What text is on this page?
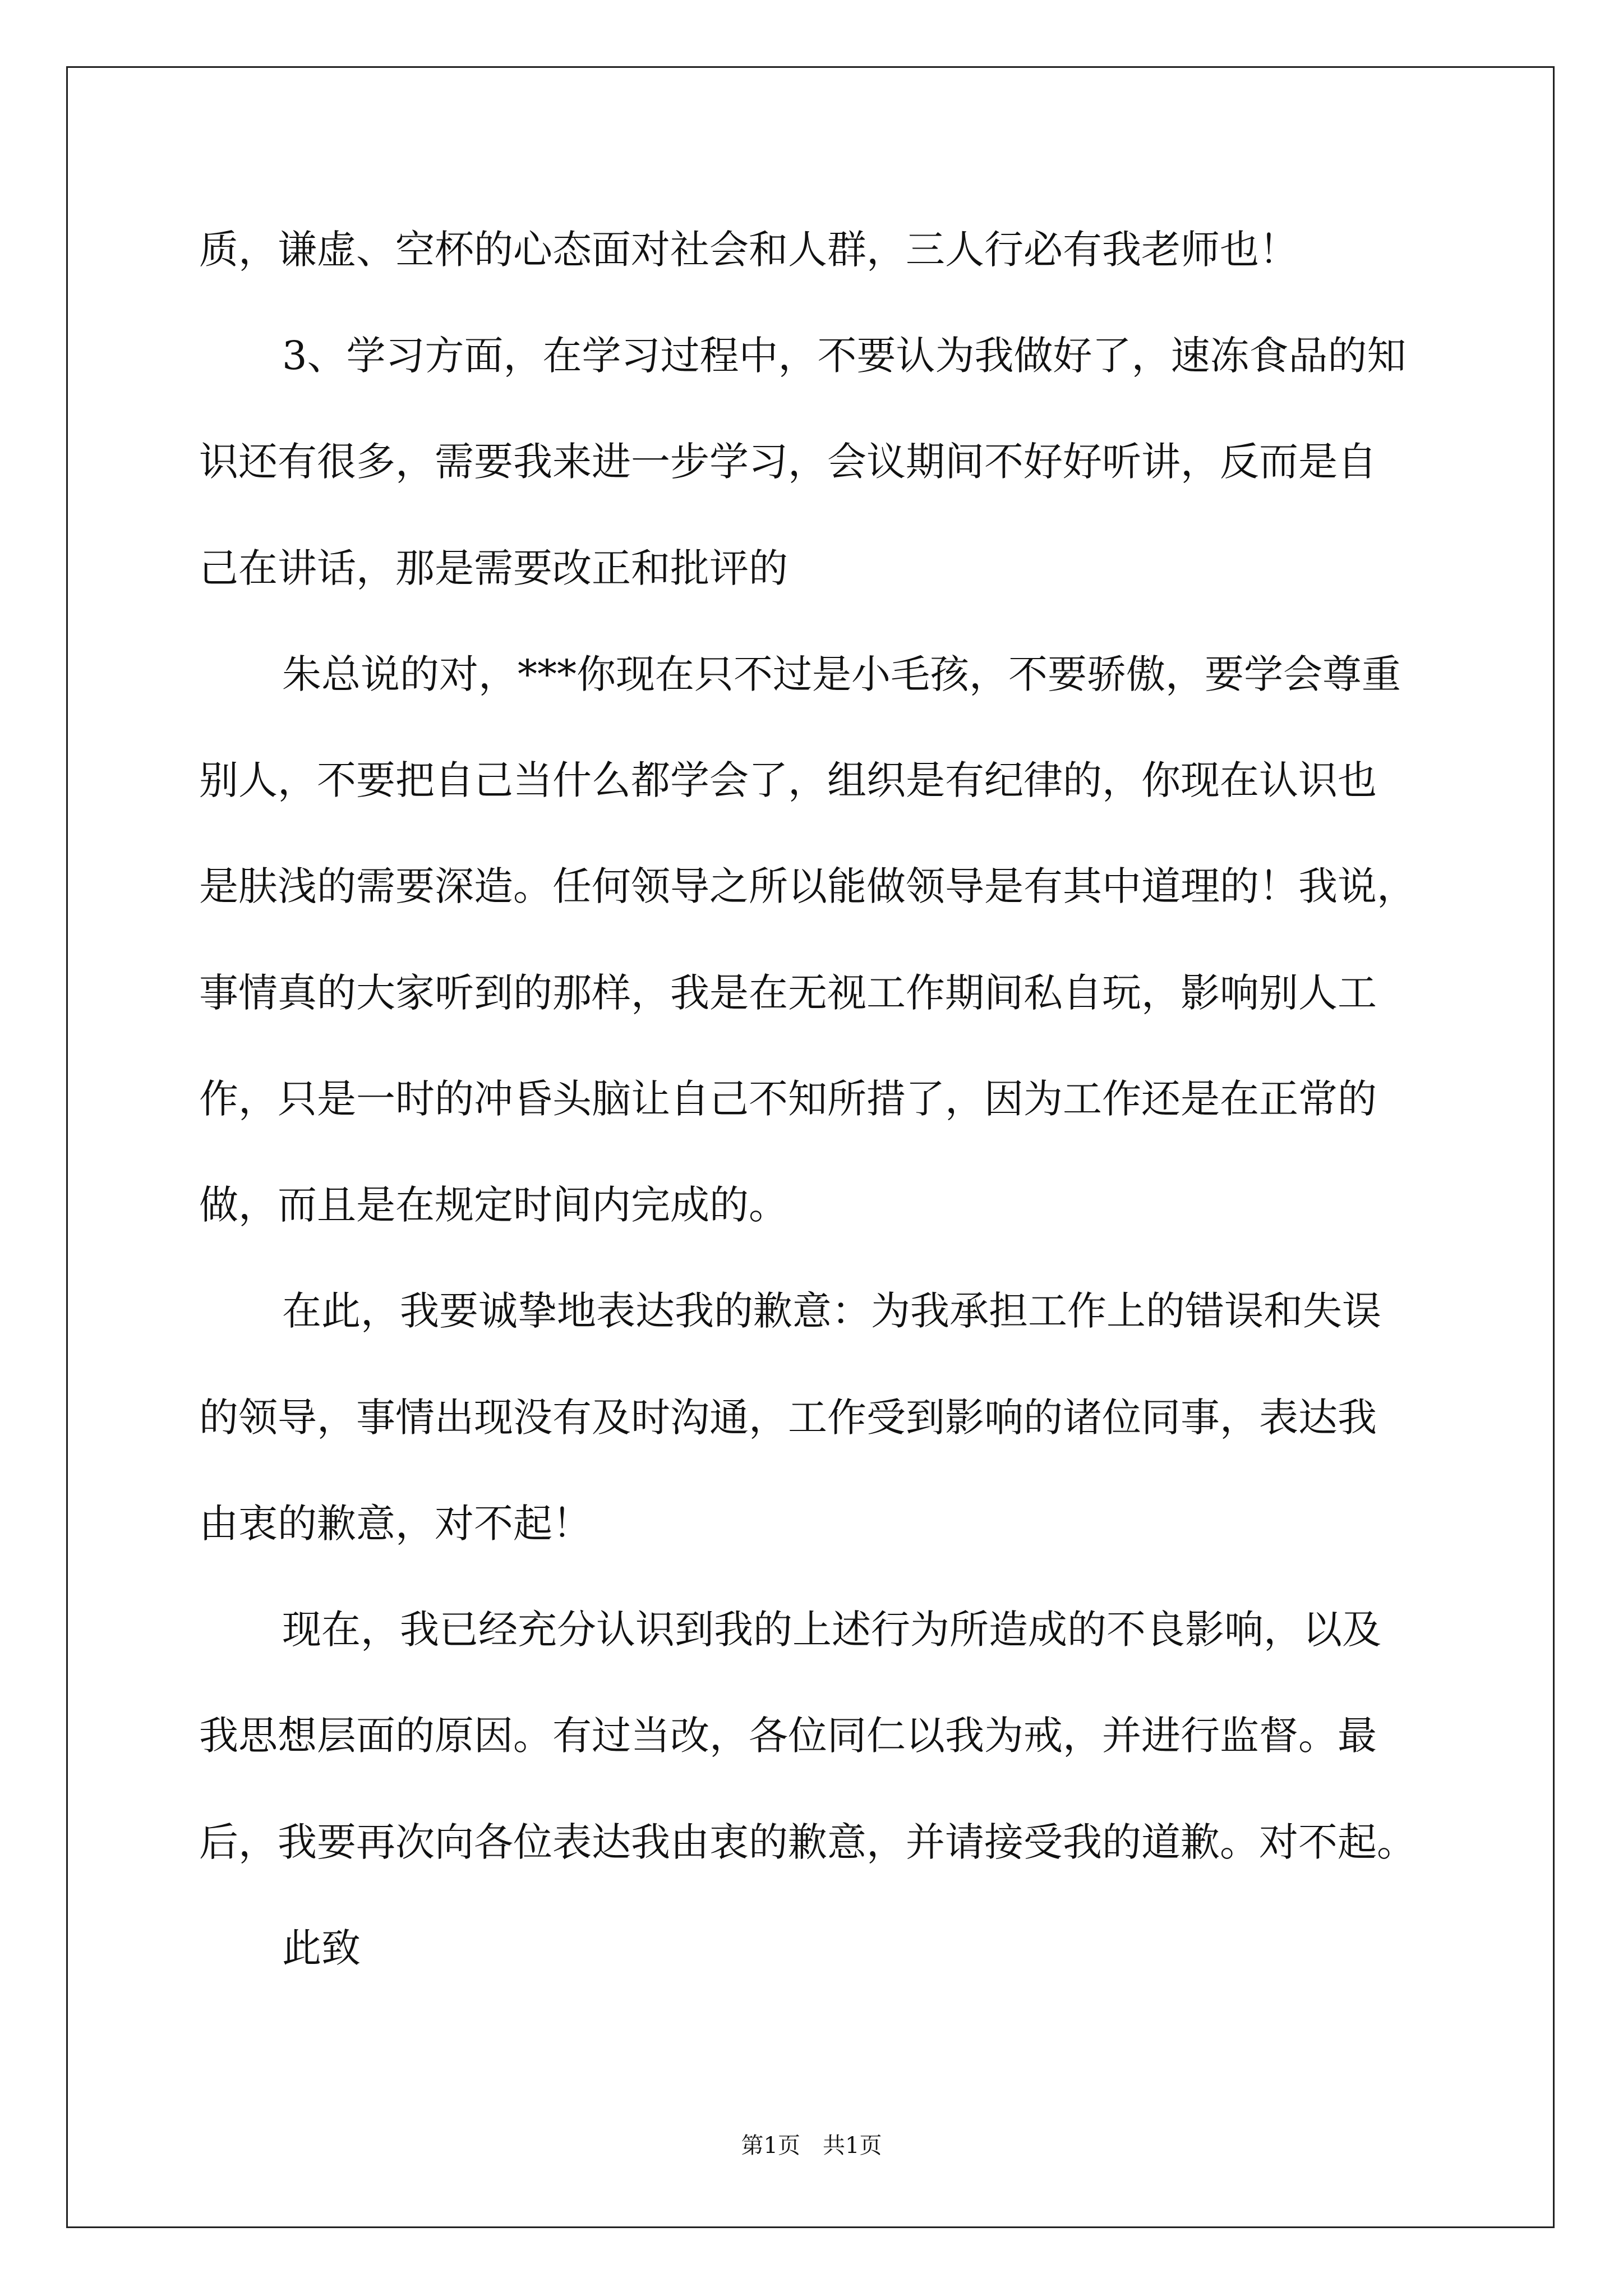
质，谦虚、空杯的心态面对社会和人群，三人行必有我老师也！
3、学习方面，在学习过程中，不要认为我做好了，速冻食品的知
识还有很多，需要我来进一步学习，会议期间不好好听讲，反而是自
己在讲话，那是需要改正和批评的
朱总说的对，***你现在只不过是小毛孩，不要骄傲，要学会尊重
别人，不要把自己当什么都学会了，组织是有纪律的，你现在认识也
是肤浅的需要深造。任何领导之所以能做领导是有其中道理的！我说，
事情真的大家听到的那样，我是在无视工作期间私自玩，影响别人工
作，只是一时的冲昏头脑让自己不知所措了，因为工作还是在正常的
做，而且是在规定时间内完成的。
在此，我要诚挚地表达我的歉意：为我承担工作上的错误和失误
的领导，事情出现没有及时沟通，工作受到影响的诸位同事，表达我
由衷的歉意，对不起！
现在，我已经充分认识到我的上述行为所造成的不良影响，以及
我思想层面的原因。有过当改，各位同仁以我为戒，并进行监督。最
后，我要再次向各位表达我由衷的歉意，并请接受我的道歉。对不起。
此致
第1页 共1页
